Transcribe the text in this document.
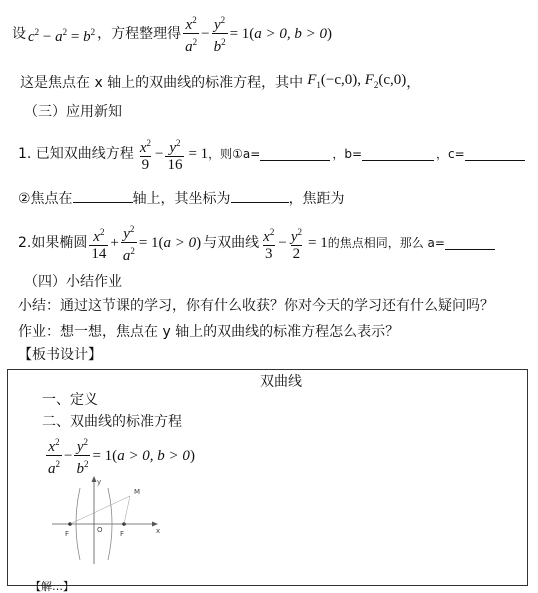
设 $c^2 - a^2 = b^2$ ，方程整理得 $\frac{x^2}{a^2} - \frac{y^2}{b^2} = 1$( a > 0, b > 0 )
这是焦点在 x 轴上的双曲线的标准方程，其中 $F_1(-c,0)$, $F_2(c,0)$ ，
（三）应用新知
1. 已知双曲线方程 $\frac{x^2}{9} - \frac{y^2}{16} = 1$ ，则①a=	，b=	，c=
②焦点在	轴上，其坐标为	，焦距为
2.如果椭圆 $\frac{x^2}{14} + \frac{y^2}{a^2} = 1$( a > 0 ) 与双曲线 $\frac{x^2}{3} - \frac{y^2}{2} = 1$ 的焦点相同，那么 a=
（四）小结作业
小结：通过这节课的学习，你有什么收获？你对今天的学习还有什么疑问吗？
作业：想一想，焦点在 y 轴上的双曲线的标准方程怎么表示？
【板书设计】
双曲线
一、定义
二、双曲线的标准方程
$\frac{x^2}{a^2} - \frac{y^2}{b^2} = 1$( a > 0, b > 0 )
M
O
F	F	x
y
【解…】
